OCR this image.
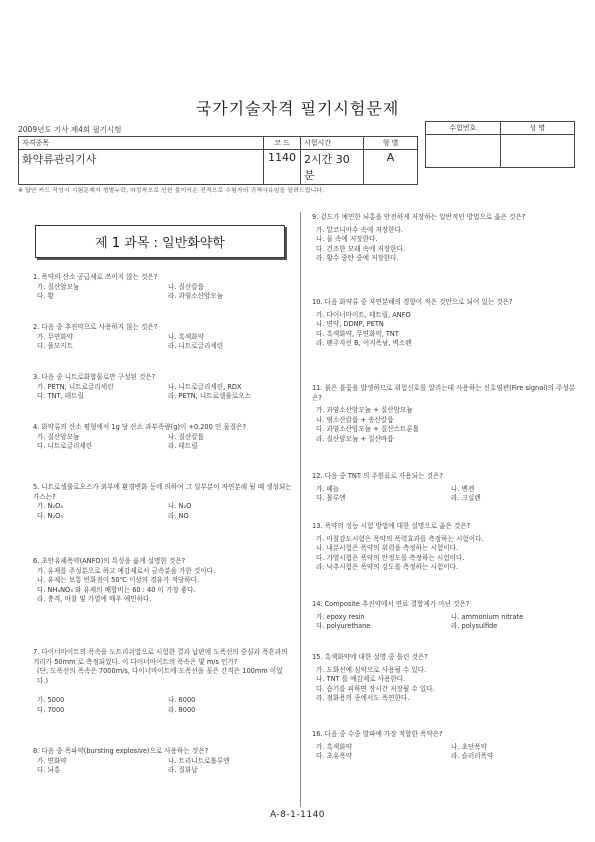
국가기술자격 필기시험문제
2009년도 기사 제4회 필기시험	수험번호	성 명

자격종목	코 드	시험시간	형 별
화약류관리기사	1140	2시간 30분	A
※ 답안 카드 작성시 시험문제지 형별누락, 마킹착오로 인한 불이익은 전적으로 수험자의 귀책사유임을 알려드립니다.
제 1 과목 : 일반화약학
1. 폭약의 산소 공급제로 쓰이지 않는 것은?
가. 질산암모늄	나. 질산칼륨
다. 황	라. 과염소산암모늄
2. 다음 중 추진약으로 사용하지 않는 것은?
가. 무연화약	나. 흑색화약
다. 풀모지트	라. 니트로글리세린
3. 다음 중 니트로화합물로만 구성된 것은?
가. PETN, 니트로글리세린	나. 니트로글리세린, RDX
다. TNT, 테트릴	라. PETN, 니트로셀룰로오스
4. 화약류의 산소 평형에서 1g 당 산소 과부족량(g)이 +0.200 인 물질은?
가. 질산암모늄	나. 질산칼륨
다. 니트로글리세린	라. 테트릴
5. 니트로셀룰로오스가 외부에 환경변화 등에 의하여 그 일부분이 자연분해 될 때 생성되는 가스는?
가. N₂O₃	나. N₂O
다. N₂O₅	라. NO
6. 초안유제폭약(ANFO)의 특성을 옳게 설명한 것은?
가. 유제를 주성분으로 하고 예감제로서 금속분을 가한 것이다.
나. 유제는 보통 빈화점이 50℃ 이상의 경유가 적당하다.
다. NH₄NO₃ 와 유제의 배합비는 60 : 40 이 가장 좋다.
라. 충격, 마찰 및 가열에 매우 예민하다.
7. 다이너마이트의 폭속을 도트리쉬법으로 시험한 결과 납판에 도폭선의 중심과 폭흔과의 거리가 50mm 로 측정되었다. 이 다이너마이트의 폭속은 몇 m/s 인가?
(단, 도폭선의 폭속은 7000m/s, 다이너마이트에 도폭선을 꽂은 간격은 100mm 이었다.)
가. 5000	나. 6000
다. 7000	라. 8000
8. 다음 중 폭파약(bursting explosive)으로 사용하는 것은?
가. 면화약	나. 트리니트로톨루엔
다. 뇌홍	라. 질화납
9. 겉도가 예민한 뇌홍을 안전하게 저장하는 일반적인 방법으로 옳은 것은?
가. 알코니아수 속에 저장한다.
나. 물 속에 저장한다.
다. 건조한 모래 속에 저장한다.
라. 황수 중탄 중에 저장한다.
10. 다음 화약류 중 자연분해의 경향이 적은 것만으로 되어 있는 것은?
가. 다이너마이트, 테트릴, ANFO
나. 면약, DDNP, PETN
다. 흑색화약, 무연화약, TNT
라. 펜주자선 B, 이지폭남, 벽소펜
11. 붉은 불꽃을 발생하므로 위험신호를 알리는데 사용하는 신호염관(Fire signal)의 주성분은?
가. 과염소산암모늄 + 질산암모늄
나. 염소산칼륨 + 송산칼륨
다. 과염소산암모늄 + 질산스트론튬
라. 질산암모늄 + 질산바륨
12. 다음 중 TNT 의 주원료로 사용되는 것은?
가. 페놀	나. 벤젠
다. 톨루엔	라. 크실렌
13. 폭약의 성능 시험 방법에 대한 설명으로 옳은 것은?
가. 마찰감도시험은 폭약의 폭력효과를 측정하는 시험이다.
나. 내분시험은 폭약의 위력을 측정하는 시험이다.
다. 가열시험은 폭약의 안정도를 측정하는 시험이다.
라. 낙추시험은 폭약의 강도를 측정하는 시험이다.
14. Composite 추진약에서 연료 결합제가 아닌 것은?
가. epoxy resin	나. ammonium nitrate
다. polyurethane	라. polysulfide
15. 흑색화약에 대한 설명 중 틀린 것은?
가. 도화선에 심약으로 사용될 수 있다.
나. TNT 를 예감제로 사용한다.
다. 습기를 피하면 장시간 저장될 수 있다.
라. 점화용의 종에서도 폭연한다.
16. 다음 중 수중 발파에 가장 적합한 폭약은?
가. 흑색화약	나. 초안폭약
다. 초유폭약	라. 슬러리폭약
A-8-1-1140
